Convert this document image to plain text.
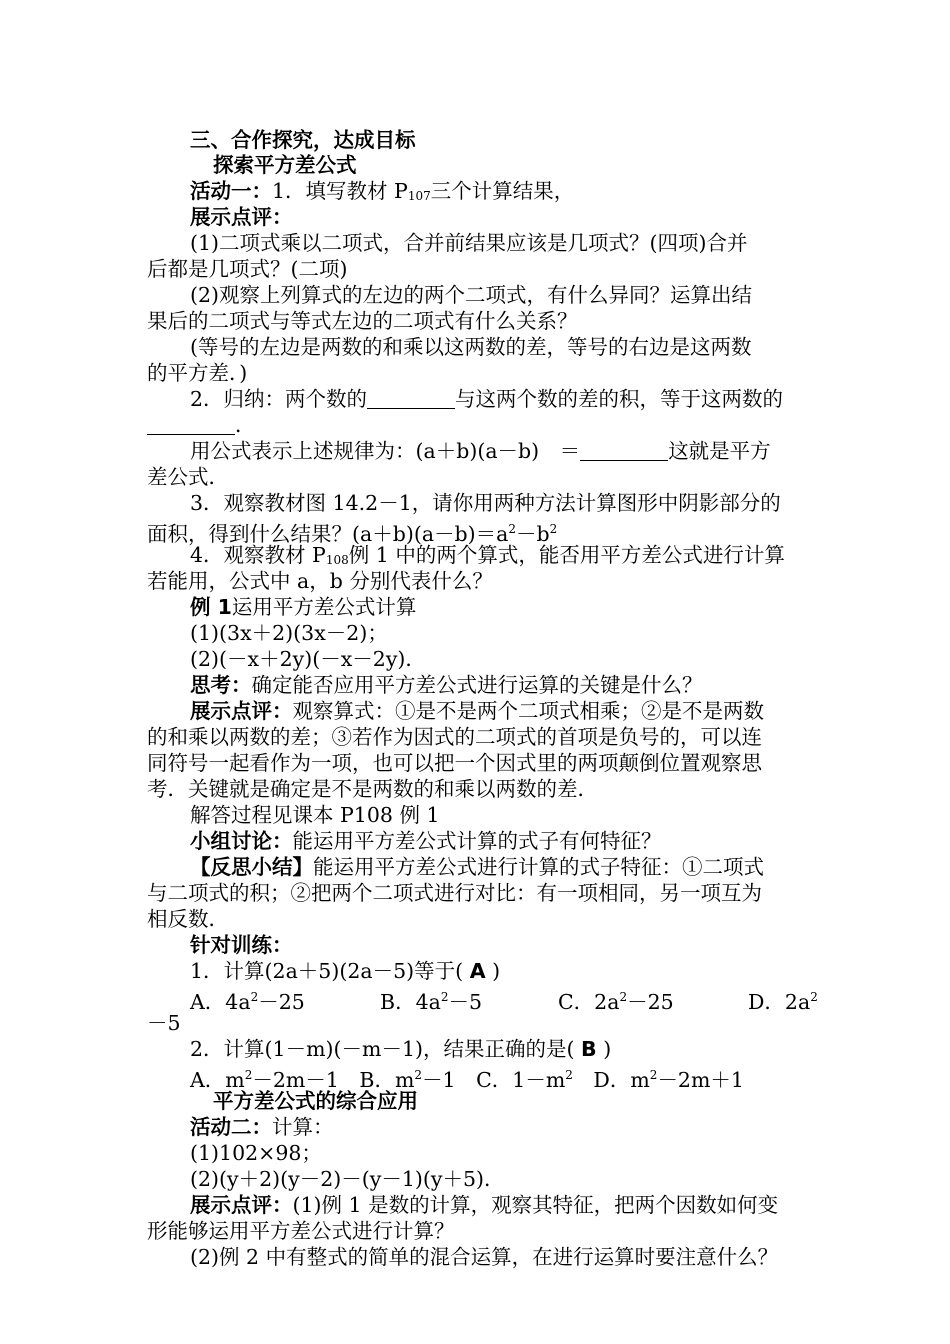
三、合作探究，达成目标
探索平方差公式
活动一：1．填写教材 P107三个计算结果，
展示点评：
(1)二项式乘以二项式，合并前结果应该是几项式？(四项)合并
后都是几项式？(二项)
(2)观察上列算式的左边的两个二项式，有什么异同？运算出结
果后的二项式与等式左边的二项式有什么关系？
(等号的左边是两数的和乘以这两数的差，等号的右边是这两数
的平方差．)
2．归纳：两个数的	与这两个数的差的积，等于这两数的
．
用公式表示上述规律为：(a＋b)(a－b)　＝	这就是平方
差公式．
3．观察教材图 14.2－1，请你用两种方法计算图形中阴影部分的
面积，得到什么结果？$(a+b)(a-b)=a^2-b^2$
4．观察教材 P108例 1 中的两个算式，能否用平方差公式进行计算
若能用，公式中 a，b 分别代表什么？
例 1运用平方差公式计算
(1)(3x＋2)(3x－2)；
(2)(－x＋2y)(－x－2y)．
思考：确定能否应用平方差公式进行运算的关键是什么？
展示点评：观察算式：①是不是两个二项式相乘；②是不是两数
的和乘以两数的差；③若作为因式的二项式的首项是负号的，可以连
同符号一起看作为一项，也可以把一个因式里的两项颠倒位置观察思
考．关键就是确定是不是两数的和乘以两数的差．
解答过程见课本 P108 例 1
小组讨论：能运用平方差公式计算的式子有何特征？
【反思小结】能运用平方差公式进行计算的式子特征：①二项式
与二项式的积；②把两个二项式进行对比：有一项相同，另一项互为
相反数．
针对训练：
1．计算(2a＋5)(2a－5)等于( A )
A．$4a^2-25$	B．$4a^2-5$	C．$2a^2-25$	D．$2a^2$
－5
2．计算(1－m)(－m－1)，结果正确的是( B )
A．$m^2-2m-1$　B．$m^2-1$　C．$1-m^2$　D．$m^2-2m+1$
平方差公式的综合应用
活动二：计算：
(1)102×98；
(2)(y＋2)(y－2)－(y－1)(y＋5)．
展示点评：(1)例 1 是数的计算，观察其特征，把两个因数如何变
形能够运用平方差公式进行计算？
(2)例 2 中有整式的简单的混合运算，在进行运算时要注意什么？
